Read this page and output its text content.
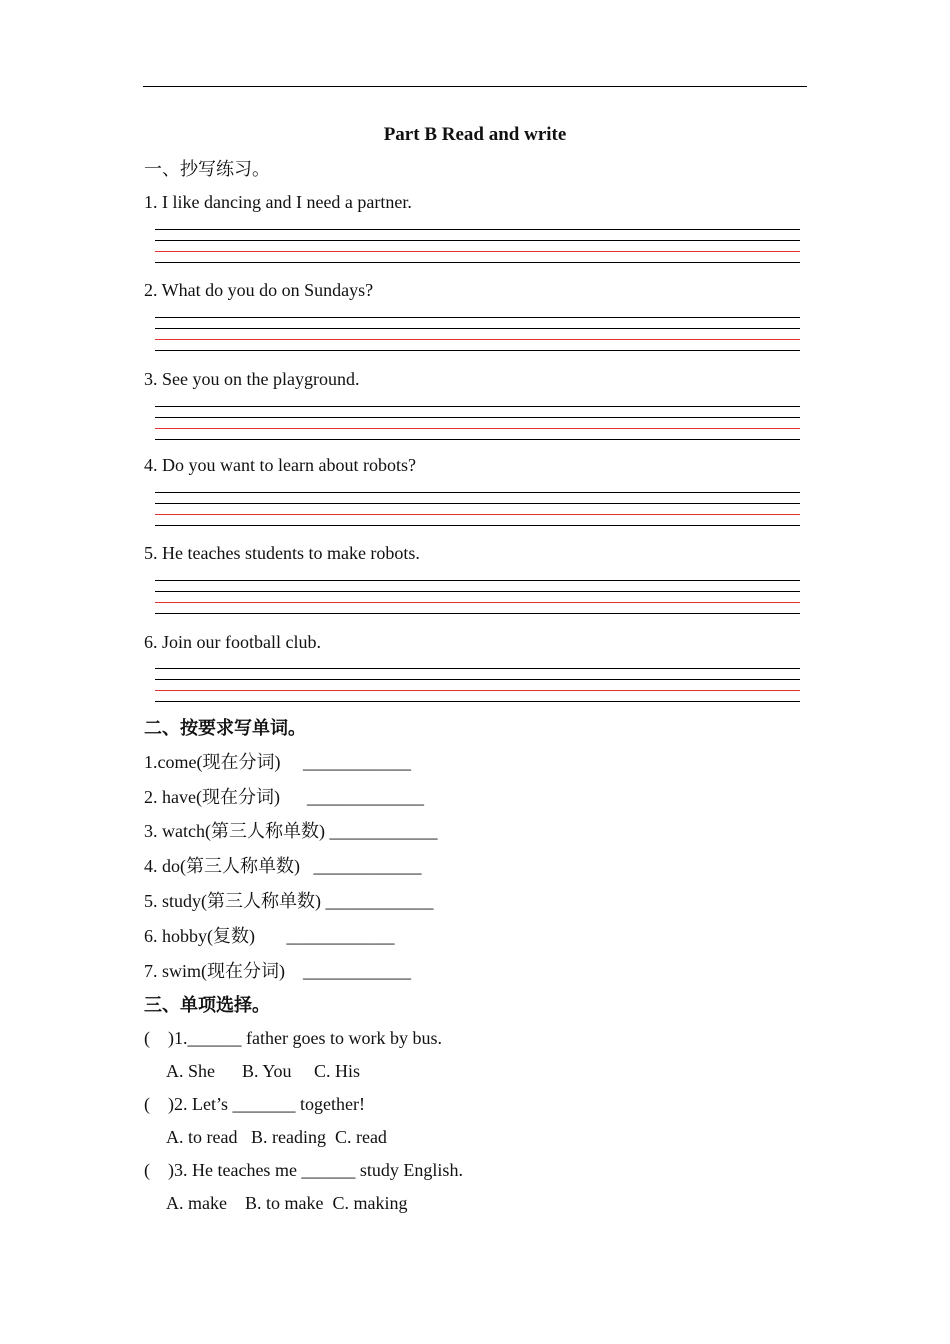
Part B Read and write
一、抄写练习。
1. I like dancing and I need a partner.
2. What do you do on Sundays?
3. See you on the playground.
4. Do you want to learn about robots?
5. He teaches students to make robots.
6. Join our football club.
二、按要求写单词。
1.come(现在分词)     ____________
2. have(现在分词)      _____________
3. watch(第三人称单数) ____________
4. do(第三人称单数)   ____________
5. study(第三人称单数) ____________
6. hobby(复数)       ____________
7. swim(现在分词)    ____________
三、单项选择。
(    )1.______ father goes to work by bus.
A. She      B. You     C. His
(    )2. Let’s _______ together!
A. to read   B. reading  C. read
(    )3. He teaches me ______ study English.
A. make    B. to make  C. making
